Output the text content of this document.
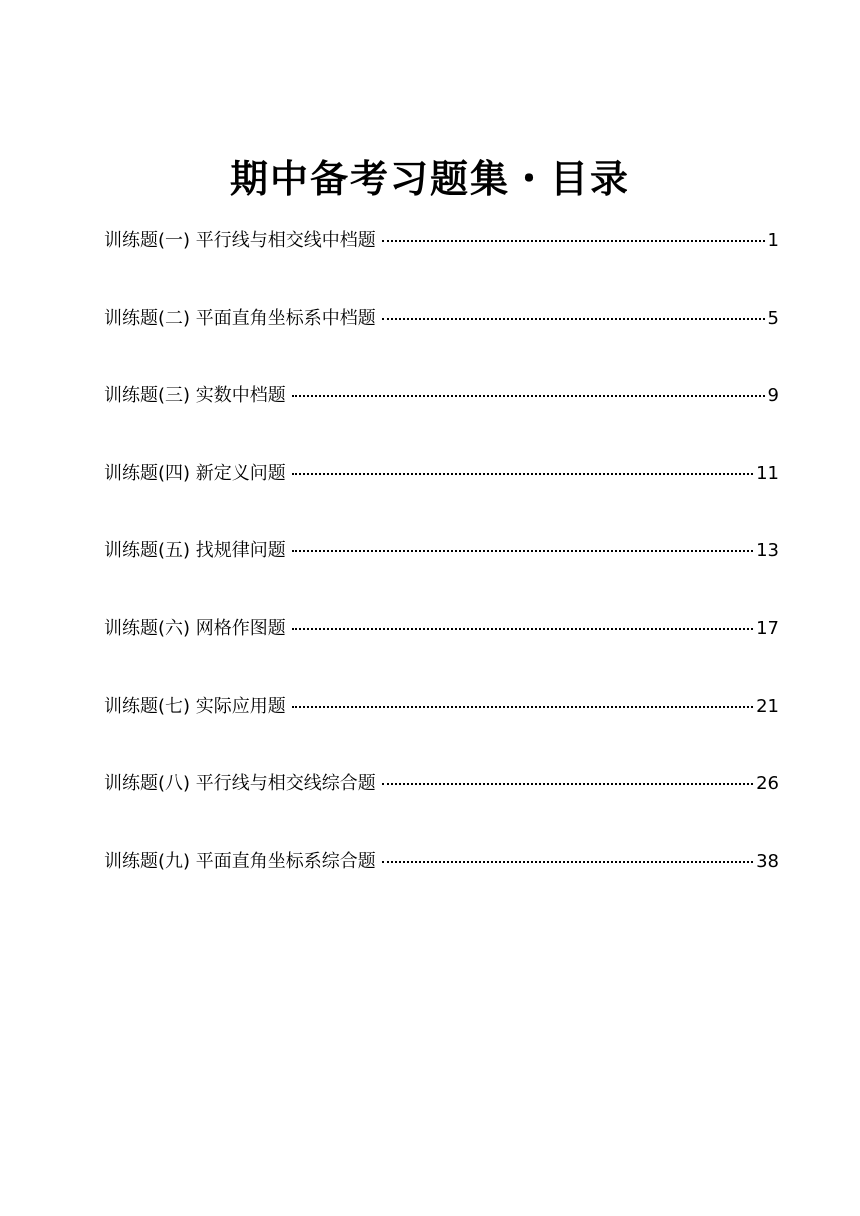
期中备考习题集・目录
训练题(一) 平行线与相交线中档题	1
训练题(二) 平面直角坐标系中档题	5
训练题(三) 实数中档题	9
训练题(四) 新定义问题	11
训练题(五) 找规律问题	13
训练题(六) 网格作图题	17
训练题(七) 实际应用题	21
训练题(八) 平行线与相交线综合题	26
训练题(九) 平面直角坐标系综合题	38
